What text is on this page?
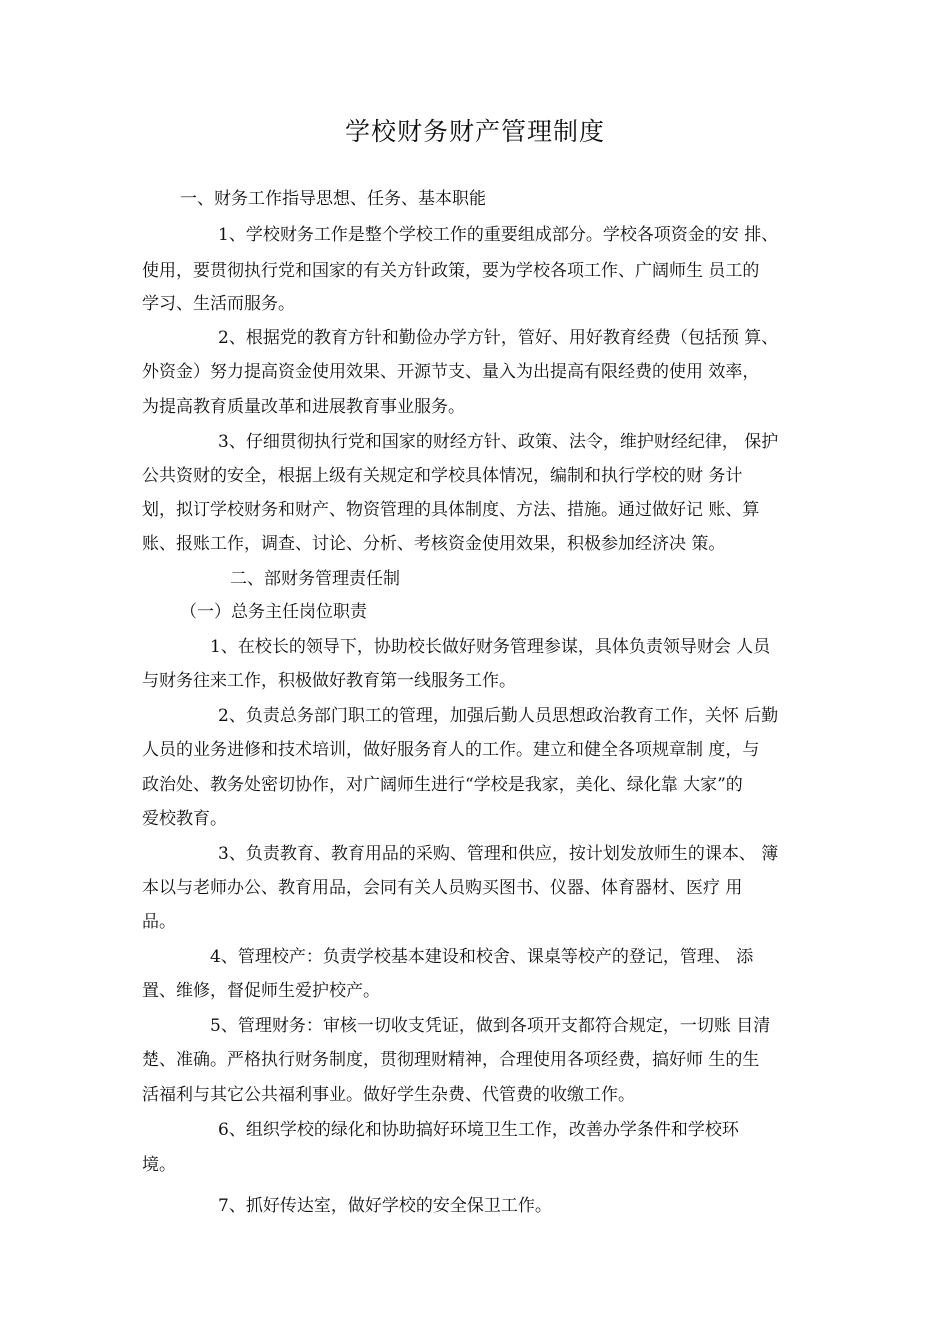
学校财务财产管理制度
一、财务工作指导思想、任务、基本职能
1、学校财务工作是整个学校工作的重要组成部分。学校各项资金的安 排、
使用，要贯彻执行党和国家的有关方针政策，要为学校各项工作、广阔师生 员工的
学习、生活而服务。
2、根据党的教育方针和勤俭办学方针，管好、用好教育经费（包括预 算、
外资金）努力提高资金使用效果、开源节支、量入为出提高有限经费的使用 效率，
为提高教育质量改革和进展教育事业服务。
3、仔细贯彻执行党和国家的财经方针、政策、法令，维护财经纪律， 保护
公共资财的安全，根据上级有关规定和学校具体情况，编制和执行学校的财 务计
划，拟订学校财务和财产、物资管理的具体制度、方法、措施。通过做好记 账、算
账、报账工作，调查、讨论、分析、考核资金使用效果，积极参加经济决 策。
二、部财务管理责任制
（一）总务主任岗位职责
1、在校长的领导下，协助校长做好财务管理参谋，具体负责领导财会 人员
与财务往来工作，积极做好教育第一线服务工作。
2、负责总务部门职工的管理，加强后勤人员思想政治教育工作，关怀 后勤
人员的业务进修和技术培训，做好服务育人的工作。建立和健全各项规章制 度，与
政治处、教务处密切协作，对广阔师生进行“学校是我家，美化、绿化靠 大家”的
爱校教育。
3、负责教育、教育用品的采购、管理和供应，按计划发放师生的课本、 簿
本以与老师办公、教育用品，会同有关人员购买图书、仪器、体育器材、医疗 用
品。
4、管理校产：负责学校基本建设和校舍、课桌等校产的登记，管理、 添
置、维修，督促师生爱护校产。
5、管理财务：审核一切收支凭证，做到各项开支都符合规定，一切账 目清
楚、准确。严格执行财务制度，贯彻理财精神，合理使用各项经费，搞好师 生的生
活福利与其它公共福利事业。做好学生杂费、代管费的收缴工作。
6、组织学校的绿化和协助搞好环境卫生工作，改善办学条件和学校环
境。
7、抓好传达室，做好学校的安全保卫工作。
